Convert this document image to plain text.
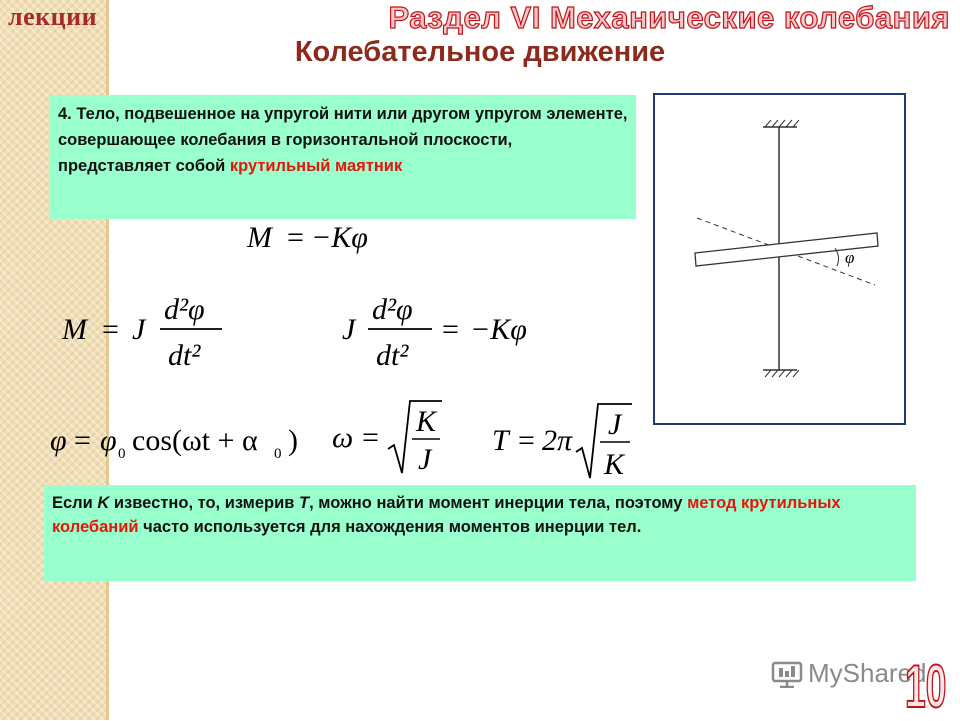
лекции	Раздел VI Механические колебания
Колебательное движение
4. Тело, подвешенное на упругой нити или другом упругом элементе, совершающее колебания в горизонтальной плоскости, представляет собой крутильный маятник
M = −Kφ
M = J
d²φ
dt²
J
d²φ
dt²
= −Kφ
φ = φ 0 cos(ωt + α 0 ) ω = K
J
T = 2π J
K
φ
Если K известно, то, измерив T, можно найти момент инерции тела, поэтому метод крутильных колебаний часто используется для нахождения моментов инерции тел.
MyShared
10
